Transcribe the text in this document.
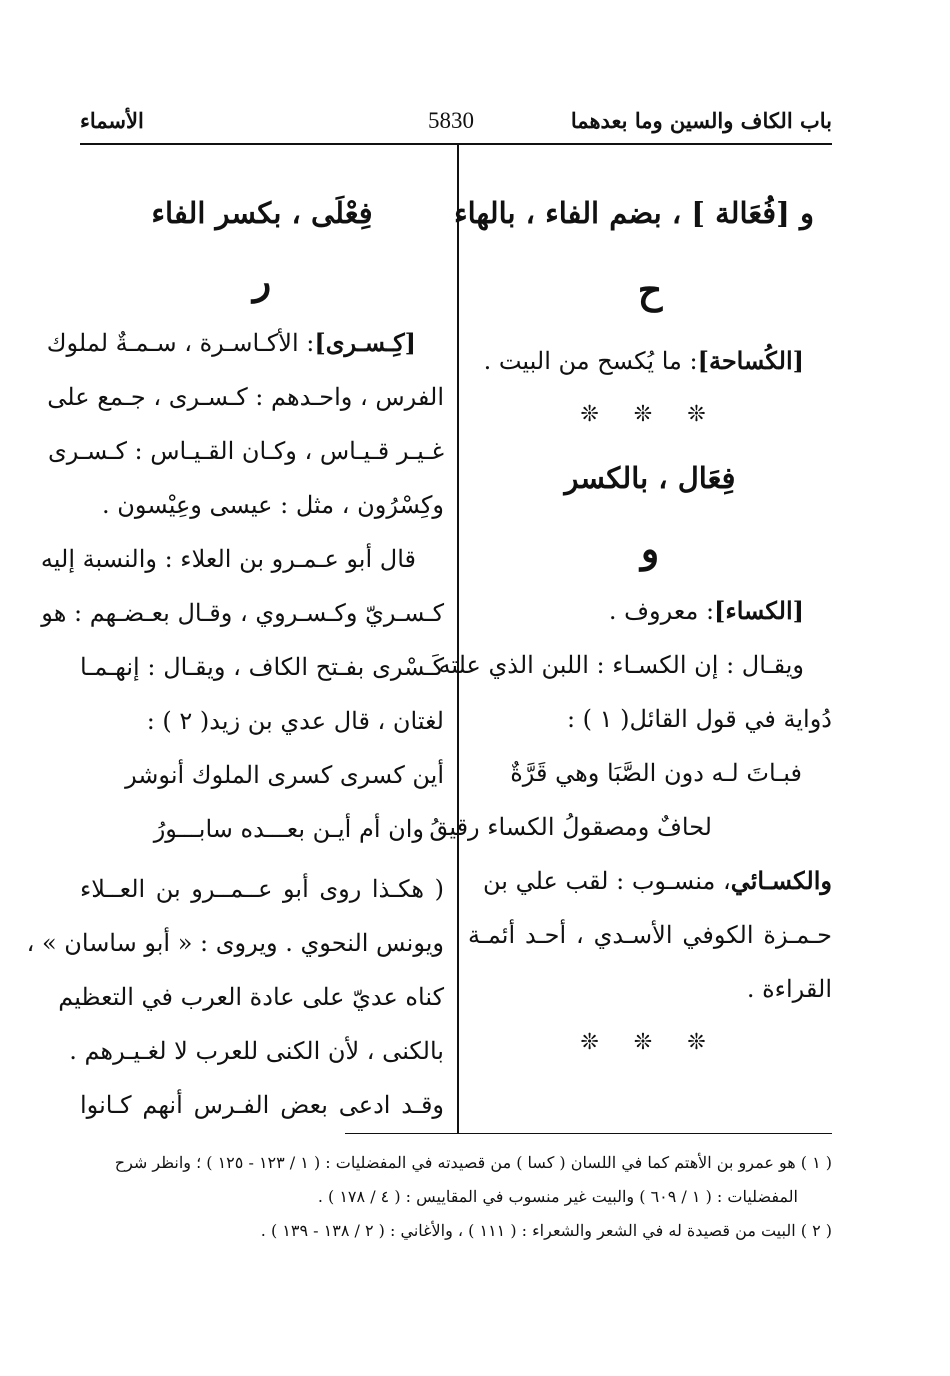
باب الكاف والسين وما بعدهما
5830
الأسماء
و [فُعَالة ] ، بضم الفاء ، بالهاء
ح
[الكُساحة]: ما يُكسح من البيت .
❊ ❊ ❊
فِعَال ، بالكسر
و
[الكساء]: معروف .
ويقـال : إن الكسـاء : اللبن الذي علته
دُواية في قول القائل( ١ ) :
فبـاتَ لـه دون الصَّبَا وهي قَرَّةٌ
لحافٌ ومصقولُ الكساء رقيقُ
والكسـائي، منسـوب : لقب علي بن
حـمـزة الكوفي الأسـدي ، أحـد أئمـة
القراءة .
❊ ❊ ❊
فِعْلَى ، بكسر الفاء
ر
[كِـسـرى]: الأكـاسـرة ، سـمـةٌ لملوك
الفرس ، واحـدهم : كـسـرى ، جـمع على
غـيـر قـيـاس ، وكـان القـيـاس : كـسـرى
وكِسْرُون ، مثل : عيسى وعِيْسون .
قال أبو عـمـرو بن العلاء : والنسبة إليه
كـسـريّ وكـسـروي ، وقـال بعـضـهم : هو
كَـسْرى بفـتح الكاف ، ويقـال : إنهـمـا
لغتان ، قال عدي بن زيد( ٢ ) :
أين كسرى كسرى الملوك أنوشر
وان أم أيـن بعـــده سابـــورُ
( هكـذا روى أبو عــمــرو بن العــلاء
ويونس النحوي . ويروى : « أبو ساسان » ،
كناه عديّ على عادة العرب في التعظيم
بالكنى ، لأن الكنى للعرب لا لغـيـرهم .
وقـد ادعى بعض الفـرس أنهم كـانوا
( ١ ) هو عمرو بن الأهتم كما في اللسان ( كسا ) من قصيدته في المفضليات : ( ١ / ١٢٣ - ١٢٥ ) ؛ وانظر شرح
المفضليات : ( ١ / ٦٠٩ ) والبيت غير منسوب في المقاييس : ( ٤ / ١٧٨ ) .
( ٢ ) البيت من قصيدة له في الشعر والشعراء : ( ١١١ ) ، والأغاني : ( ٢ / ١٣٨ - ١٣٩ ) .
